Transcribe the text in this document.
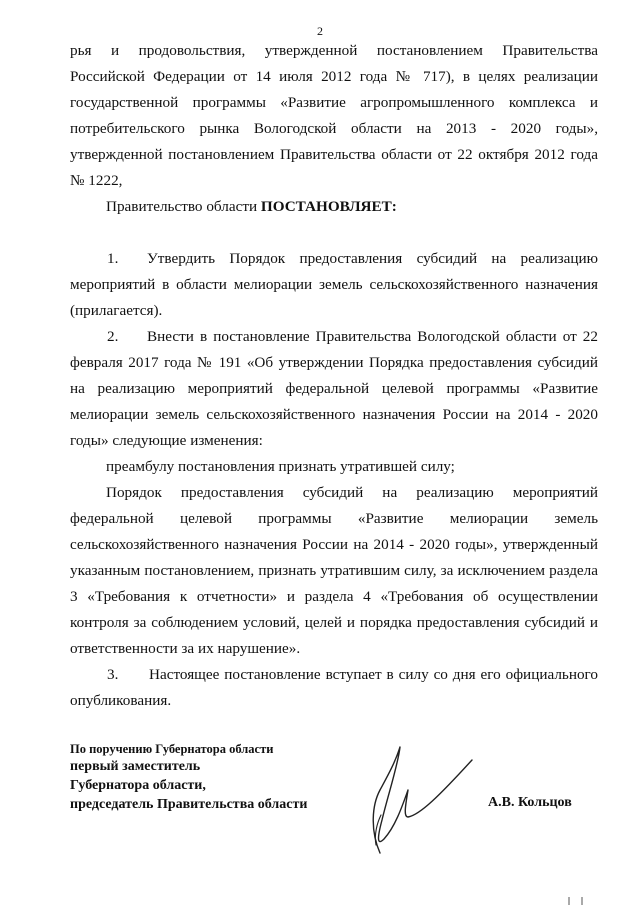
2

рья и продовольствия, утвержденной постановлением Правительства Российской Федерации от 14 июля 2012 года № 717), в целях реализации государственной программы «Развитие агропромышленного комплекса и потребительского рынка Вологодской области на 2013 - 2020 годы», утвержденной постановлением Правительства области от 22 октября 2012 года № 1222,

Правительство области ПОСТАНОВЛЯЕТ:

1. Утвердить Порядок предоставления субсидий на реализацию мероприятий в области мелиорации земель сельскохозяйственного назначения (прилагается).

2. Внести в постановление Правительства Вологодской области от 22 февраля 2017 года № 191 «Об утверждении Порядка предоставления субсидий на реализацию мероприятий федеральной целевой программы «Развитие мелиорации земель сельскохозяйственного назначения России на 2014 - 2020 годы» следующие изменения:

преамбулу постановления признать утратившей силу;

Порядок предоставления субсидий на реализацию мероприятий федеральной целевой программы «Развитие мелиорации земель сельскохозяйственного назначения России на 2014 - 2020 годы», утвержденный указанным постановлением, признать утратившим силу, за исключением раздела 3 «Требования к отчетности» и раздела 4 «Требования об осуществлении контроля за соблюдением условий, целей и порядка предоставления субсидий и ответственности за их нарушение».

3. Настоящее постановление вступает в силу со дня его официального опубликования.

По поручению Губернатора области
первый заместитель
Губернатора области,
председатель Правительства области	А.В. Кольцов
